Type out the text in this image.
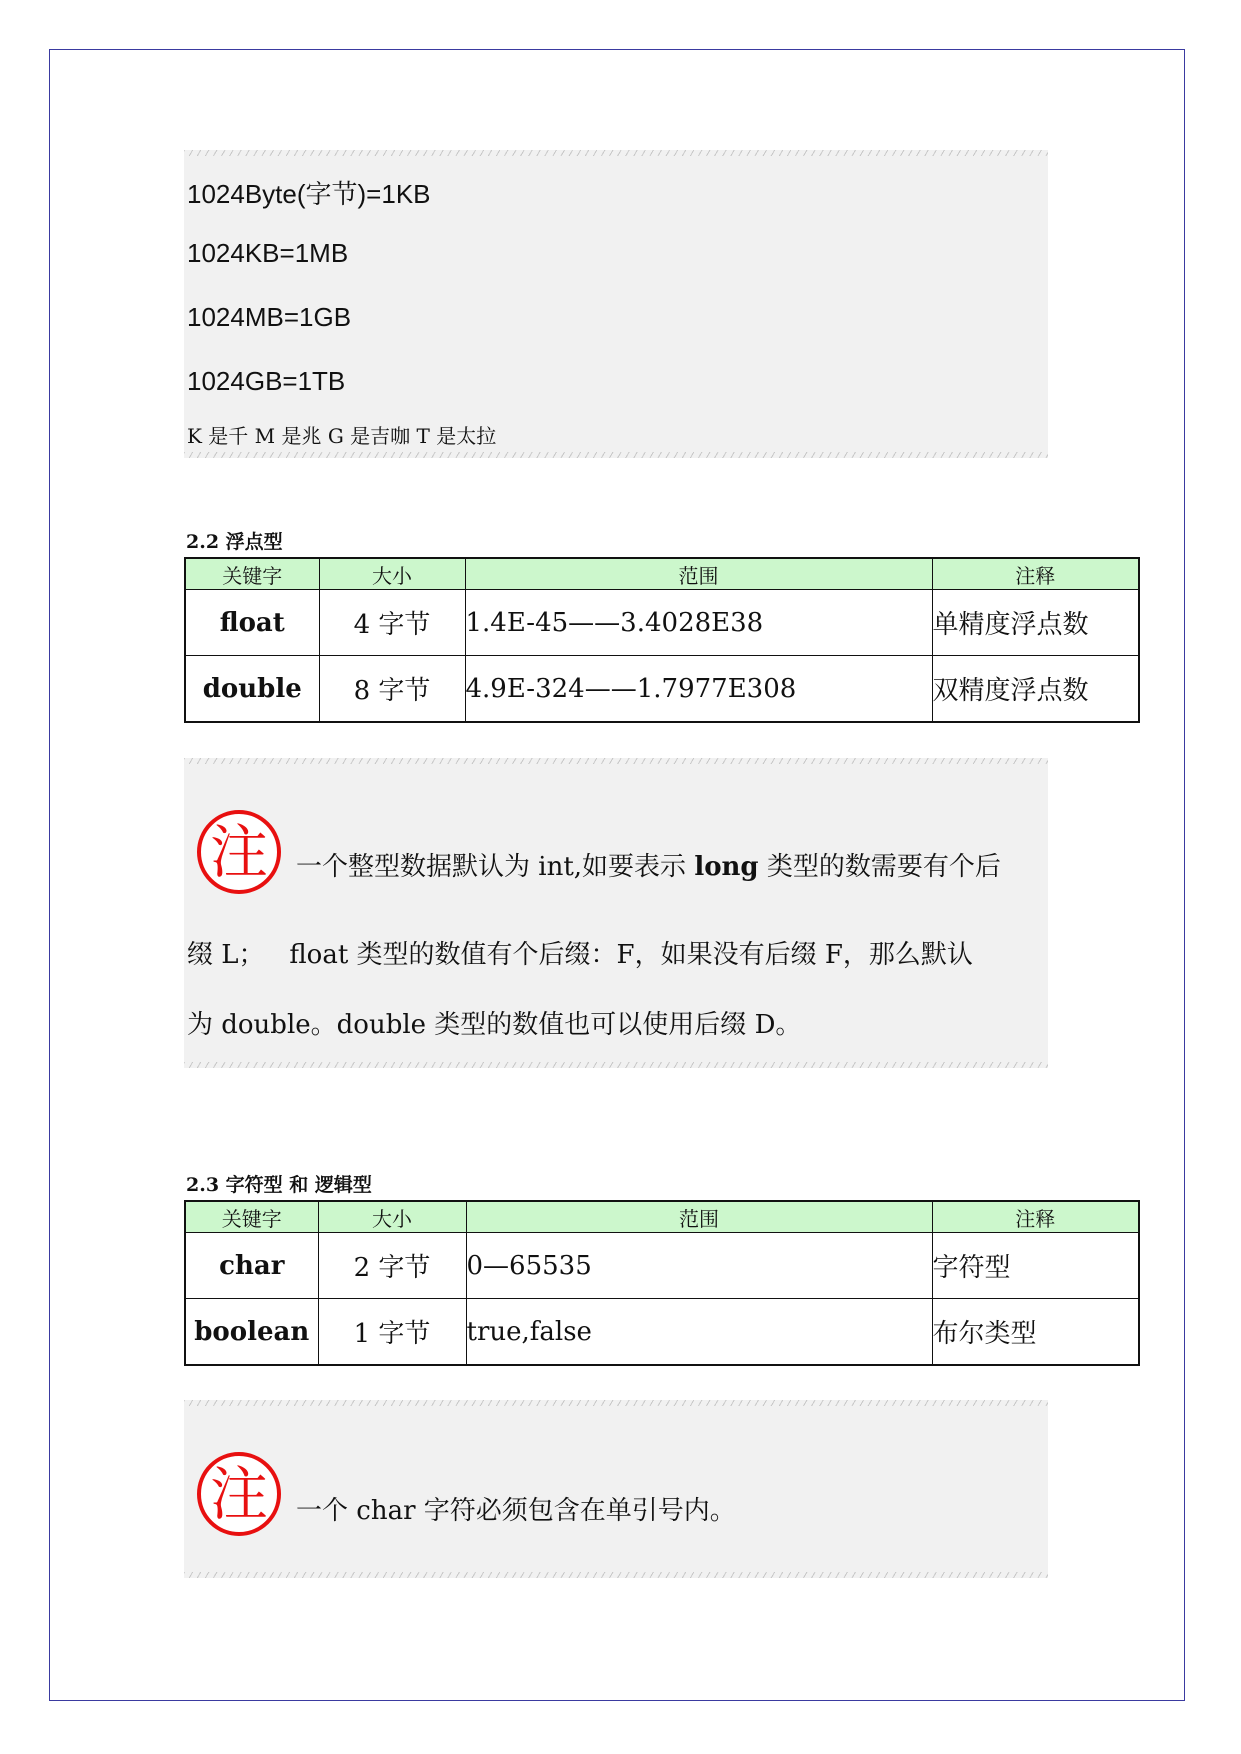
1024Byte(字节)=1KB
1024KB=1MB
1024MB=1GB
1024GB=1TB
K 是千 M 是兆 G 是吉咖 T 是太拉
2.2 浮点型
关键字	大小	范围	注释
float	4 字节	1.4E-45——3.4028E38	单精度浮点数
double	8 字节	4.9E-324——1.7977E308	双精度浮点数
注	一个整型数据默认为 int,如要表示 long 类型的数需要有个后
缀 L；   float 类型的数值有个后缀：F，如果没有后缀 F，那么默认
为 double。double 类型的数值也可以使用后缀 D。
2.3 字符型 和 逻辑型
关键字	大小	范围	注释
char	2 字节	0—65535	字符型
boolean	1 字节	true,false	布尔类型
注	一个 char 字符必须包含在单引号内。
